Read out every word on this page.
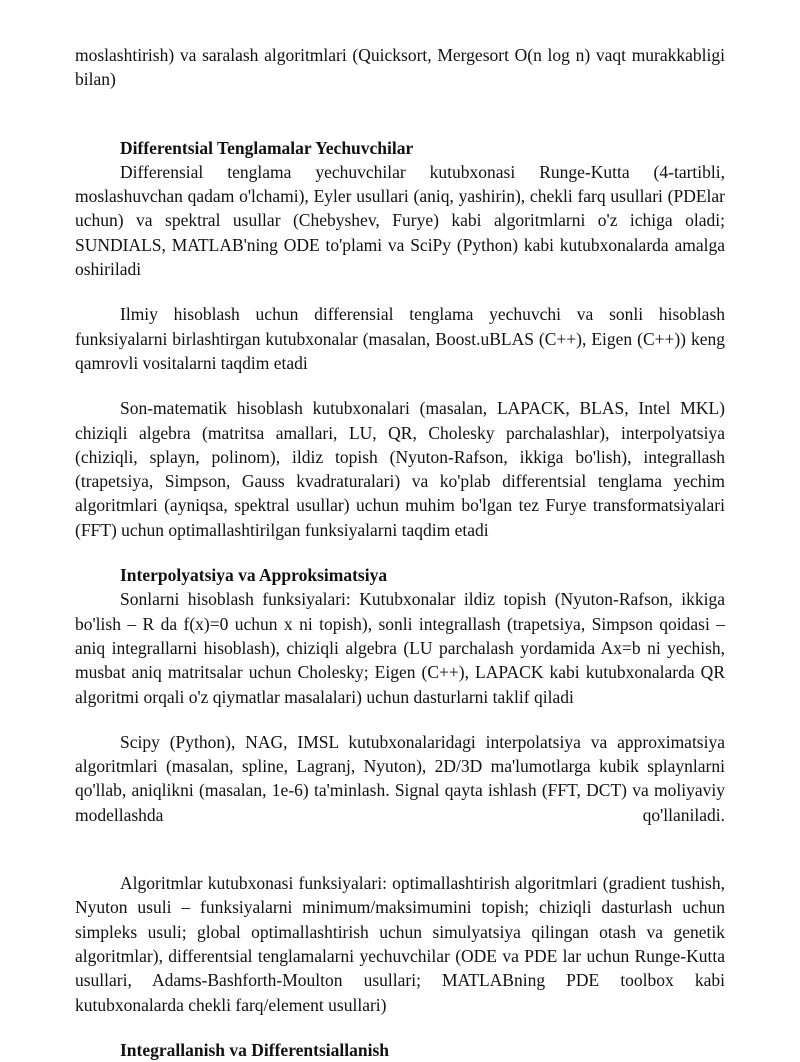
moslashtirish) va saralash algoritmlari (Quicksort, Mergesort O(n log n) vaqt murakkabligi bilan)

Differentsial Tenglamalar Yechuvchilar

Differensial tenglama yechuvchilar kutubxonasi Runge-Kutta (4-tartibli, moslashuvchan qadam o'lchami), Eyler usullari (aniq, yashirin), chekli farq usullari (PDElar uchun) va spektral usullar (Chebyshev, Furye) kabi algoritmlarni o'z ichiga oladi; SUNDIALS, MATLAB'ning ODE to'plami va SciPy (Python) kabi kutubxonalarda amalga oshiriladi

Ilmiy hisoblash uchun differensial tenglama yechuvchi va sonli hisoblash funksiyalarni birlashtirgan kutubxonalar (masalan, Boost.uBLAS (C++), Eigen (C++)) keng qamrovli vositalarni taqdim etadi

Son-matematik hisoblash kutubxonalari (masalan, LAPACK, BLAS, Intel MKL) chiziqli algebra (matritsa amallari, LU, QR, Cholesky parchalashlar), interpolyatsiya (chiziqli, splayn, polinom), ildiz topish (Nyuton-Rafson, ikkiga bo'lish), integrallash (trapetsiya, Simpson, Gauss kvadraturalari) va ko'plab differentsial tenglama yechim algoritmlari (ayniqsa, spektral usullar) uchun muhim bo'lgan tez Furye transformatsiyalari (FFT) uchun optimallashtirilgan funksiyalarni taqdim etadi

Interpolyatsiya va Approksimatsiya

Sonlarni hisoblash funksiyalari: Kutubxonalar ildiz topish (Nyuton-Rafson, ikkiga bo'lish – R da f(x)=0 uchun x ni topish), sonli integrallash (trapetsiya, Simpson qoidasi – aniq integrallarni hisoblash), chiziqli algebra (LU parchalash yordamida Ax=b ni yechish, musbat aniq matritsalar uchun Cholesky; Eigen (C++), LAPACK kabi kutubxonalarda QR algoritmi orqali o'z qiymatlar masalalari) uchun dasturlarni taklif qiladi

Scipy (Python), NAG, IMSL kutubxonalaridagi interpolatsiya va approximatsiya algoritmlari (masalan, spline, Lagranj, Nyuton), 2D/3D ma'lumotlarga kubik splaynlarni qo'llab, aniqlikni (masalan, 1e-6) ta'minlash. Signal qayta ishlash (FFT, DCT) va moliyaviy modellashda qo'llaniladi.

Algoritmlar kutubxonasi funksiyalari: optimallashtirish algoritmlari (gradient tushish, Nyuton usuli – funksiyalarni minimum/maksimumini topish; chiziqli dasturlash uchun simpleks usuli; global optimallashtirish uchun simulyatsiya qilingan otash va genetik algoritmlar), differentsial tenglamalarni yechuvchilar (ODE va PDE lar uchun Runge-Kutta usullari, Adams-Bashforth-Moulton usullari; MATLABning PDE toolbox kabi kutubxonalarda chekli farq/element usullari)

Integrallanish va Differentsiallanish
